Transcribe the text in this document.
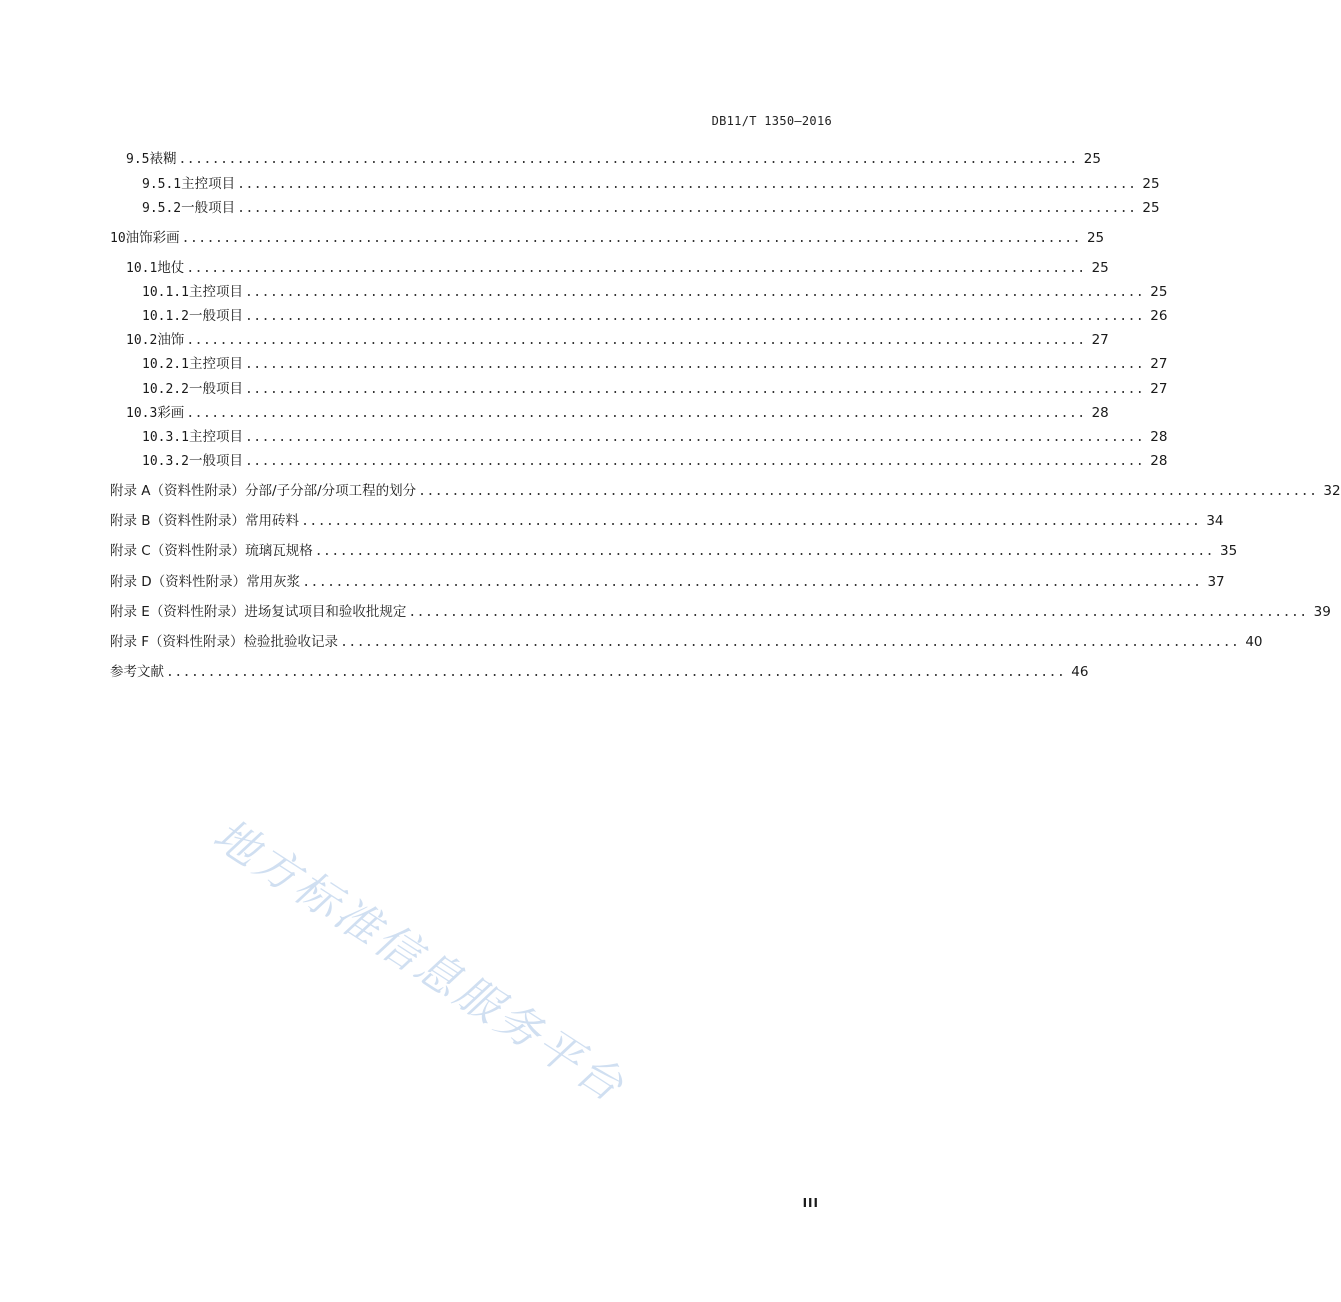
DB11/T 1350—2016
9.5 裱糊 ............................................................................................................ 25
9.5.1 主控项目 ............................................................................................................ 25
9.5.2 一般项目 ............................................................................................................ 25
10 油饰彩画 ............................................................................................................ 25
10.1 地仗 ............................................................................................................ 25
10.1.1 主控项目 ............................................................................................................ 25
10.1.2 一般项目 ............................................................................................................ 26
10.2 油饰 ............................................................................................................ 27
10.2.1 主控项目 ............................................................................................................ 27
10.2.2 一般项目 ............................................................................................................ 27
10.3 彩画 ............................................................................................................ 28
10.3.1 主控项目 ............................................................................................................ 28
10.3.2 一般项目 ............................................................................................................ 28
附录 A（资料性附录） 分部/子分部/分项工程的划分 ............................................................................................................ 32
附录 B（资料性附录） 常用砖料 ............................................................................................................ 34
附录 C（资料性附录） 琉璃瓦规格 ............................................................................................................ 35
附录 D（资料性附录） 常用灰浆 ............................................................................................................ 37
附录 E（资料性附录） 进场复试项目和验收批规定 ............................................................................................................ 39
附录 F（资料性附录） 检验批验收记录 ............................................................................................................ 40
参考文献 ............................................................................................................ 46
地方标准信息服务平台
III
